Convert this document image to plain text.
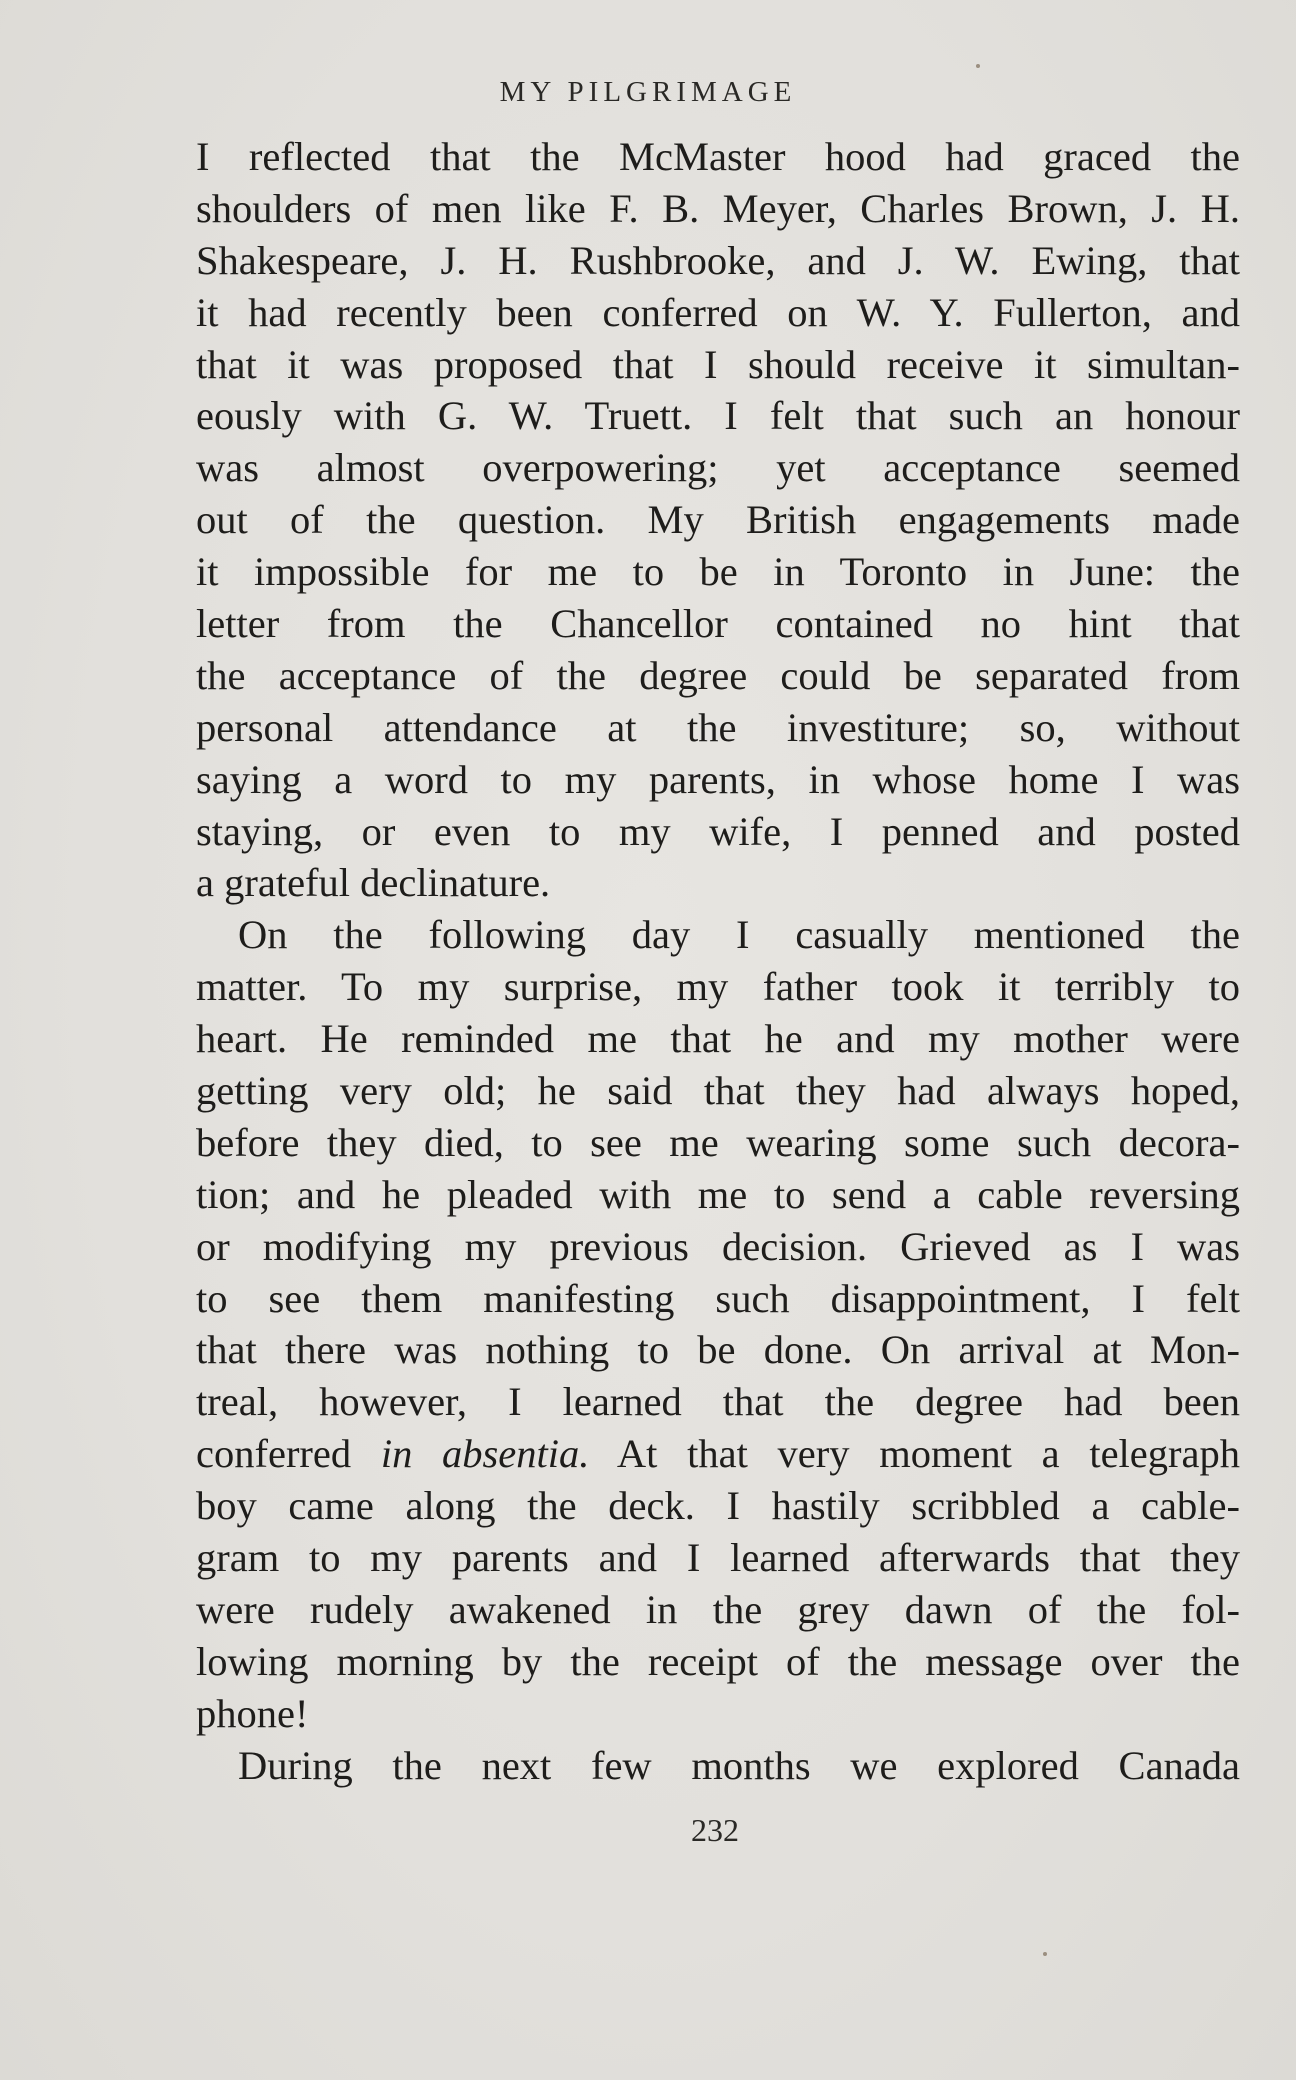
MY PILGRIMAGE
I reflected that the McMaster hood had graced the
shoulders of men like F. B. Meyer, Charles Brown, J. H.
Shakespeare, J. H. Rushbrooke, and J. W. Ewing, that
it had recently been conferred on W. Y. Fullerton, and
that it was proposed that I should receive it simultan-
eously with G. W. Truett. I felt that such an honour
was almost overpowering; yet acceptance seemed
out of the question. My British engagements made
it impossible for me to be in Toronto in June: the
letter from the Chancellor contained no hint that
the acceptance of the degree could be separated from
personal attendance at the investiture; so, without
saying a word to my parents, in whose home I was
staying, or even to my wife, I penned and posted
a grateful declinature.
On the following day I casually mentioned the
matter. To my surprise, my father took it terribly to
heart. He reminded me that he and my mother were
getting very old; he said that they had always hoped,
before they died, to see me wearing some such decora-
tion; and he pleaded with me to send a cable reversing
or modifying my previous decision. Grieved as I was
to see them manifesting such disappointment, I felt
that there was nothing to be done. On arrival at Mon-
treal, however, I learned that the degree had been
conferred in absentia. At that very moment a telegraph
boy came along the deck. I hastily scribbled a cable-
gram to my parents and I learned afterwards that they
were rudely awakened in the grey dawn of the fol-
lowing morning by the receipt of the message over the
phone!
During the next few months we explored Canada
232
